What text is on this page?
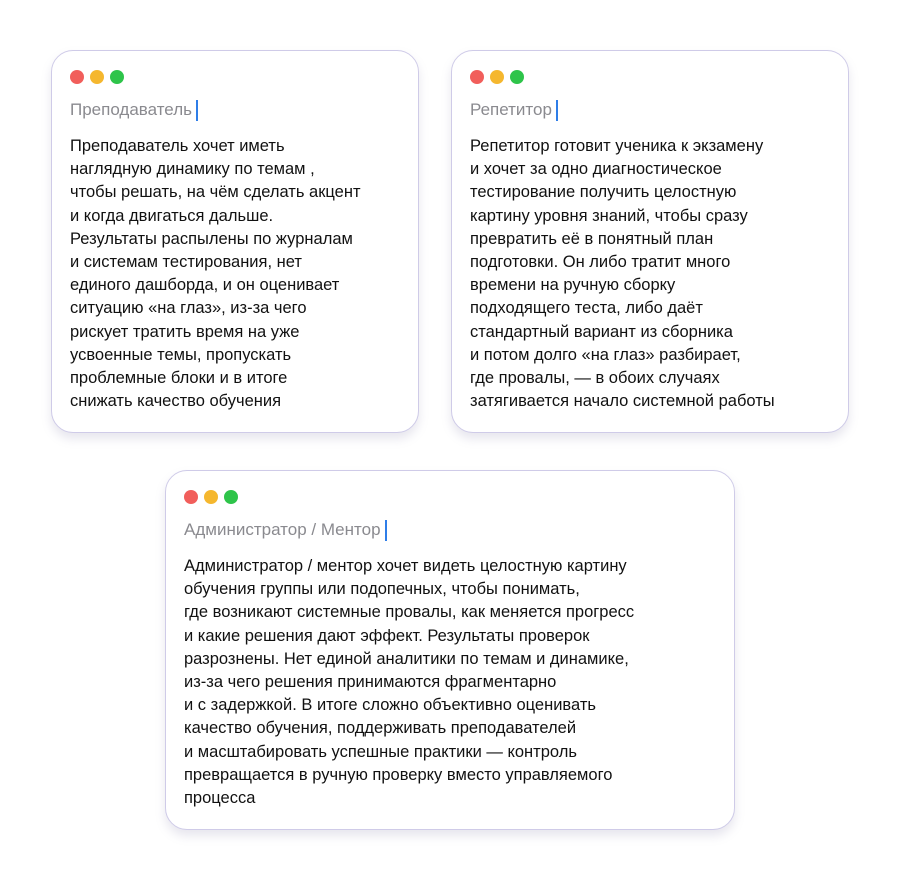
Преподаватель
Преподаватель хочет иметь
наглядную динамику по темам ,
чтобы решать, на чём сделать акцент
и когда двигаться дальше.
Результаты распылены по журналам
и системам тестирования, нет
единого дашборда, и он оценивает
ситуацию «на глаз», из-за чего
рискует тратить время на уже
усвоенные темы, пропускать
проблемные блоки и в итоге
снижать качество обучения
Репетитор
Репетитор готовит ученика к экзамену
и хочет за одно диагностическое
тестирование получить целостную
картину уровня знаний, чтобы сразу
превратить её в понятный план
подготовки. Он либо тратит много
времени на ручную сборку
подходящего теста, либо даёт
стандартный вариант из сборника
и потом долго «на глаз» разбирает,
где провалы, — в обоих случаях
затягивается начало системной работы
Администратор / Ментор
Администратор / ментор хочет видеть целостную картину
обучения группы или подопечных, чтобы понимать,
где возникают системные провалы, как меняется прогресс
и какие решения дают эффект. Результаты проверок
разрознены. Нет единой аналитики по темам и динамике,
из-за чего решения принимаются фрагментарно
и с задержкой. В итоге сложно объективно оценивать
качество обучения, поддерживать преподавателей
и масштабировать успешные практики — контроль
превращается в ручную проверку вместо управляемого
процесса
